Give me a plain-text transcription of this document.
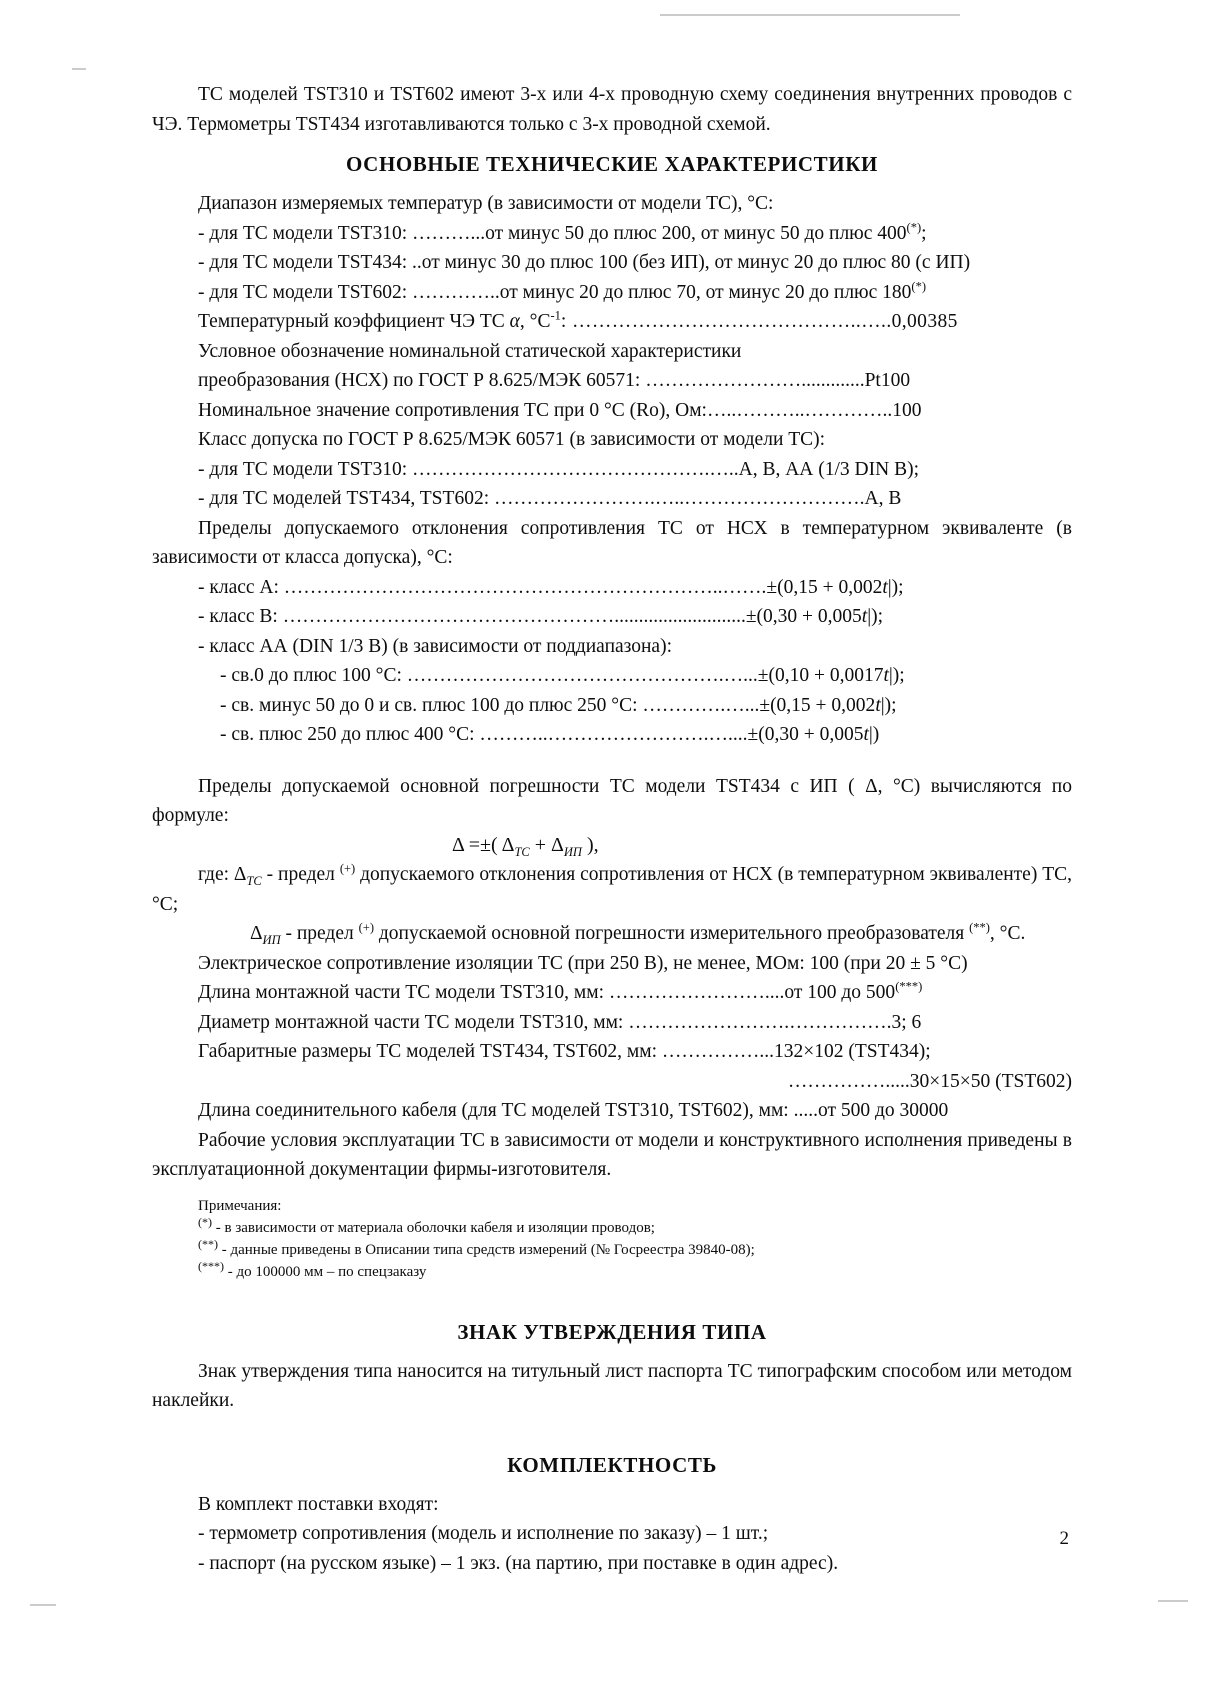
ТС моделей TST310 и TST602 имеют 3-х или 4-х проводную схему соединения внутренних проводов с ЧЭ. Термометры TST434 изготавливаются только с 3-х проводной схемой.

ОСНОВНЫЕ ТЕХНИЧЕСКИЕ ХАРАКТЕРИСТИКИ

Диапазон измеряемых температур (в зависимости от модели ТС), °C:

- для ТС модели TST310: ………...от минус 50 до плюс 200, от минус 50 до плюс 400(*);

- для ТС модели TST434: ..от минус 30 до плюс 100 (без ИП), от минус 20 до плюс 80 (с ИП)

- для ТС модели TST602: …………..от минус 20 до плюс 70, от минус 20 до плюс 180(*)

Температурный коэффициент ЧЭ ТС α, $^\circ C^{-1}$: ……………………………………..…..0,00385

Условное обозначение номинальной статической характеристики

преобразования (НСХ) по ГОСТ Р 8.625/МЭК 60571: …………………….............Pt100

Номинальное значение сопротивления ТС при 0 °C (Ro), Ом:…..………..…………..100

Класс допуска по ГОСТ Р 8.625/МЭК 60571 (в зависимости от модели ТС):

- для ТС модели TST310: ……………………………………….…..А, В, АА (1/3 DIN B);

- для ТС моделей TST434, TST602: …………………….…..……………………….А, В

Пределы допускаемого отклонения сопротивления ТС от НСХ в температурном эквиваленте (в зависимости от класса допуска), °C:

- класс А: …………………………………………………………..…….±(0,15 + 0,002t|);

- класс В: ……………………………………………...........................±(0,30 + 0,005t|);

- класс АА (DIN 1/3 B) (в зависимости от поддиапазона):

- св.0 до плюс 100 °C: ………………………………………….…...±(0,10 + 0,0017t|);

- св. минус 50 до 0 и св. плюс 100 до плюс 250 °C: ………….…...±(0,15 + 0,002t|);

- св. плюс 250 до плюс 400 °C: ………..…………………….…....±(0,30 + 0,005t|)

Пределы допускаемой основной погрешности ТС модели TST434 с ИП ( Δ, °C) вычисляются по формуле:

Δ =±( $\Delta_{ТС} + \Delta_{ИП}$ ),

где: $\Delta_{ТС}$ - предел (+) допускаемого отклонения сопротивления от НСХ (в температурном эквиваленте) ТС, °C;

$\Delta_{ИП}$ - предел (+) допускаемой основной погрешности измерительного преобразователя (**), °C.

Электрическое сопротивление изоляции ТС (при 250 В), не менее, МОм: 100 (при 20 ± 5 °C)

Длина монтажной части ТС модели TST310, мм: ……………………....от 100 до 500(***)

Диаметр монтажной части ТС модели TST310, мм: …………………….…………….3; 6

Габаритные размеры ТС моделей TST434, TST602, мм: ……………...132×102 (TST434);

…………….....30×15×50 (TST602)

Длина соединительного кабеля (для ТС моделей TST310, TST602), мм: .....от 500 до 30000

Рабочие условия эксплуатации ТС в зависимости от модели и конструктивного исполнения приведены в эксплуатационной документации фирмы-изготовителя.

Примечания:

(*) - в зависимости от материала оболочки кабеля и изоляции проводов;

(**) - данные приведены в Описании типа средств измерений (№ Госреестра 39840-08);

(***) - до 100000 мм – по спецзаказу

ЗНАК УТВЕРЖДЕНИЯ ТИПА

Знак утверждения типа наносится на титульный лист паспорта ТС типографским способом или методом наклейки.

КОМПЛЕКТНОСТЬ

В комплект поставки входят:

- термометр сопротивления (модель и исполнение по заказу) – 1 шт.;

- паспорт (на русском языке) – 1 экз. (на партию, при поставке в один адрес).

2
